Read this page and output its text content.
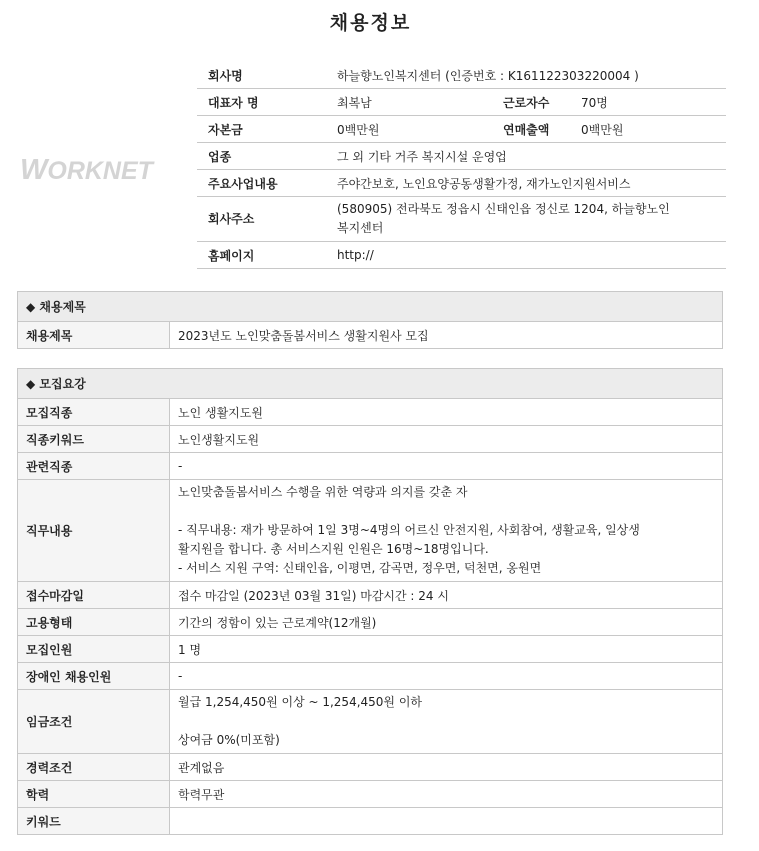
채용정보
WORKNET
회사명	하늘향노인복지센터 (인증번호 : K161122303220004 )		
대표자 명	최복남	근로자수	70명
자본금	0백만원	연매출액	0백만원
업종	그 외 기타 거주 복지시설 운영업		
주요사업내용	주야간보호, 노인요양공동생활가정, 재가노인지원서비스		
회사주소	(580905) 전라북도 정읍시 신태인읍 정신로 1204, 하늘향노인
복지센터		

홈페이지	http://		
◆ 채용제목
채용제목	2023년도 노인맞춤돌봄서비스 생활지원사 모집
◆ 모집요강	
모집직종	노인 생활지도원
직종키워드	노인생활지도원
관련직종	-
직무내용	노인맞춤돌봄서비스 수행을 위한 역량과 의지를 갖춘 자
- 직무내용: 재가 방문하여 1일 3명~4명의 어르신 안전지원, 사회참여, 생활교육, 일상생
활지원을 합니다. 총 서비스지원 인원은 16명~18명입니다.
- 서비스 지원 구역: 신태인읍, 이평면, 감곡면, 정우면, 덕천면, 옹원면

접수마감일	접수 마감일 (2023년 03월 31일) 마감시간 : 24 시
고용형태	기간의 정함이 있는 근로계약(12개월)
모집인원	1 명
장애인 채용인원	-
임금조건	월급 1,254,450원 이상 ~ 1,254,450원 이하
상여금 0%(미포함)

경력조건	관계없음
학력	학력무관
키워드	
